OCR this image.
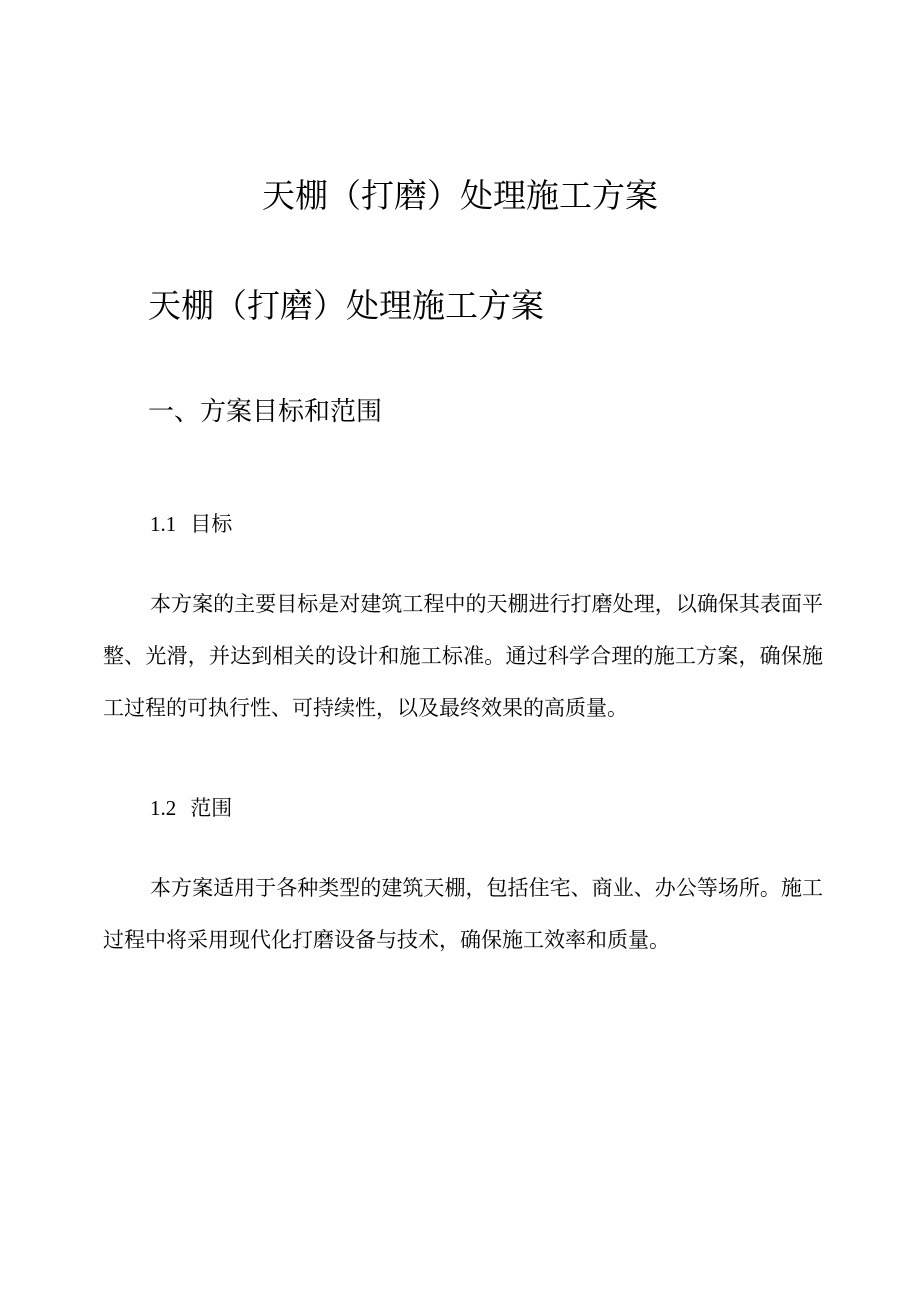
天棚（打磨）处理施工方案
天棚（打磨）处理施工方案
一、方案目标和范围
1.1 目标

本方案的主要目标是对建筑工程中的天棚进行打磨处理，以确保其表面平整、光滑，并达到相关的设计和施工标准。通过科学合理的施工方案，确保施工过程的可执行性、可持续性，以及最终效果的高质量。

1.2 范围

本方案适用于各种类型的建筑天棚，包括住宅、商业、办公等场所。施工过程中将采用现代化打磨设备与技术，确保施工效率和质量。
